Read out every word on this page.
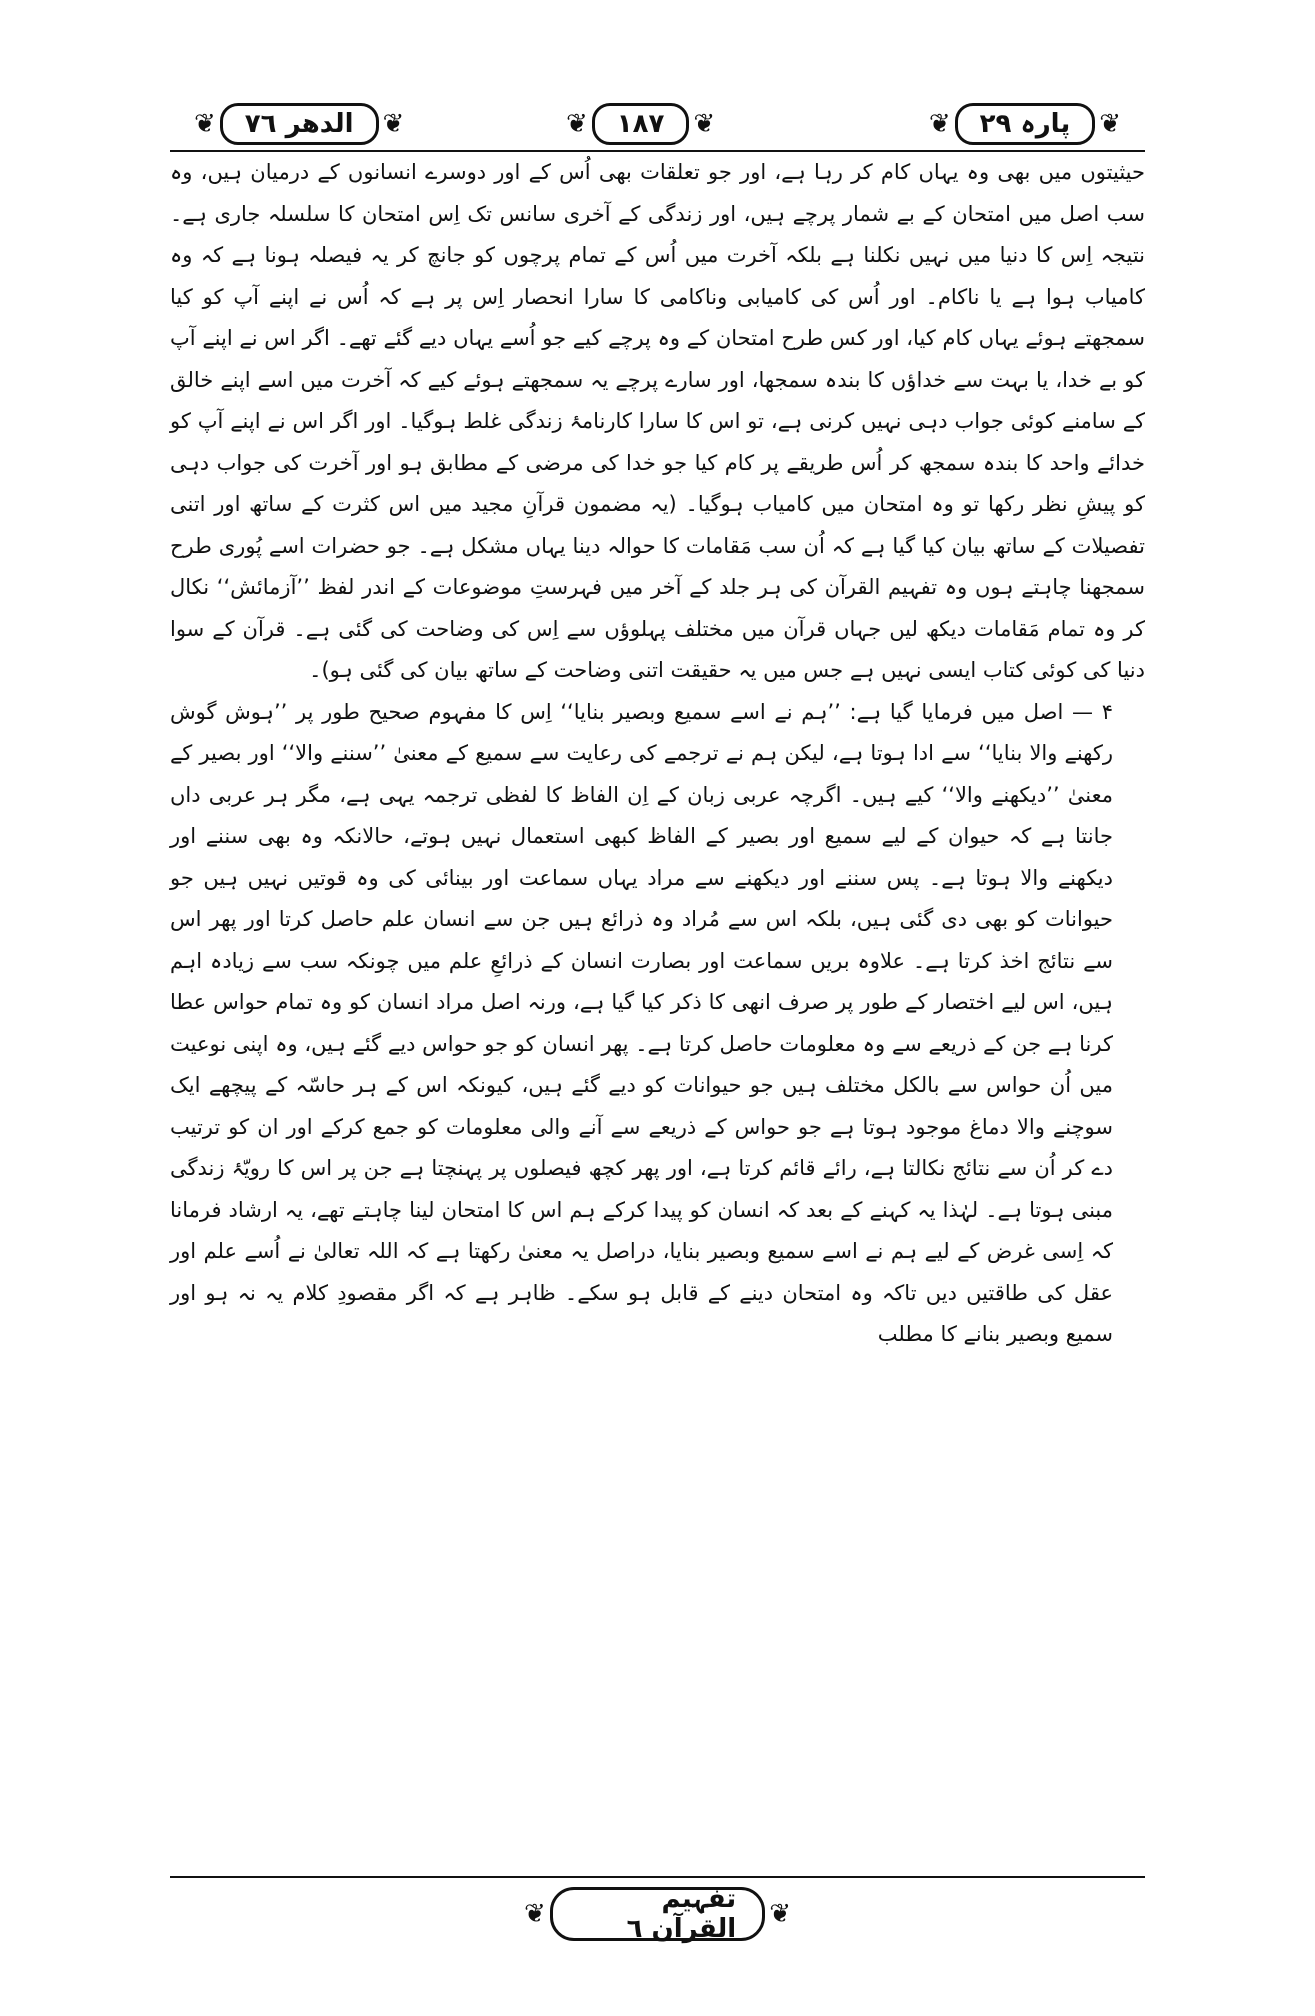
❦ پارہ ۲۹ ❦
❦ ۱۸۷ ❦
❦ الدھر ۷٦ ❦

حیثیتوں میں بھی وہ یہاں کام کر رہا ہے، اور جو تعلقات بھی اُس کے اور دوسرے انسانوں کے درمیان ہیں، وہ سب اصل میں امتحان کے بے شمار پرچے ہیں، اور زندگی کے آخری سانس تک اِس امتحان کا سلسلہ جاری ہے۔ نتیجہ اِس کا دنیا میں نہیں نکلنا ہے بلکہ آخرت میں اُس کے تمام پرچوں کو جانچ کر یہ فیصلہ ہونا ہے کہ وہ کامیاب ہوا ہے یا ناکام۔ اور اُس کی کامیابی وناکامی کا سارا انحصار اِس پر ہے کہ اُس نے اپنے آپ کو کیا سمجھتے ہوئے یہاں کام کیا، اور کس طرح امتحان کے وہ پرچے کیے جو اُسے یہاں دیے گئے تھے۔ اگر اس نے اپنے آپ کو بے خدا، یا بہت سے خداؤں کا بندہ سمجھا، اور سارے پرچے یہ سمجھتے ہوئے کیے کہ آخرت میں اسے اپنے خالق کے سامنے کوئی جواب دہی نہیں کرنی ہے، تو اس کا سارا کارنامۂ زندگی غلط ہوگیا۔ اور اگر اس نے اپنے آپ کو خدائے واحد کا بندہ سمجھ کر اُس طریقے پر کام کیا جو خدا کی مرضی کے مطابق ہو اور آخرت کی جواب دہی کو پیشِ نظر رکھا تو وہ امتحان میں کامیاب ہوگیا۔ (یہ مضمون قرآنِ مجید میں اس کثرت کے ساتھ اور اتنی تفصیلات کے ساتھ بیان کیا گیا ہے کہ اُن سب مَقامات کا حوالہ دینا یہاں مشکل ہے۔ جو حضرات اسے پُوری طرح سمجھنا چاہتے ہوں وہ تفہیم القرآن کی ہر جلد کے آخر میں فہرستِ موضوعات کے اندر لفظ ’’آزمائش‘‘ نکال کر وہ تمام مَقامات دیکھ لیں جہاں قرآن میں مختلف پہلوؤں سے اِس کی وضاحت کی گئی ہے۔ قرآن کے سوا دنیا کی کوئی کتاب ایسی نہیں ہے جس میں یہ حقیقت اتنی وضاحت کے ساتھ بیان کی گئی ہو)۔

۴ — اصل میں فرمایا گیا ہے: ’’ہم نے اسے سمیع وبصیر بنایا‘‘ اِس کا مفہوم صحیح طور پر ’’ہوش گوش رکھنے والا بنایا‘‘ سے ادا ہوتا ہے، لیکن ہم نے ترجمے کی رعایت سے سمیع کے معنیٰ ’’سننے والا‘‘ اور بصیر کے معنیٰ ’’دیکھنے والا‘‘ کیے ہیں۔ اگرچہ عربی زبان کے اِن الفاظ کا لفظی ترجمہ یہی ہے، مگر ہر عربی داں جانتا ہے کہ حیوان کے لیے سمیع اور بصیر کے الفاظ کبھی استعمال نہیں ہوتے، حالانکہ وہ بھی سننے اور دیکھنے والا ہوتا ہے۔ پس سننے اور دیکھنے سے مراد یہاں سماعت اور بینائی کی وہ قوتیں نہیں ہیں جو حیوانات کو بھی دی گئی ہیں، بلکہ اس سے مُراد وہ ذرائع ہیں جن سے انسان علم حاصل کرتا اور پھر اس سے نتائج اخذ کرتا ہے۔ علاوہ بریں سماعت اور بصارت انسان کے ذرائعِ علم میں چونکہ سب سے زیادہ اہم ہیں، اس لیے اختصار کے طور پر صرف انھی کا ذکر کیا گیا ہے، ورنہ اصل مراد انسان کو وہ تمام حواس عطا کرنا ہے جن کے ذریعے سے وہ معلومات حاصل کرتا ہے۔ پھر انسان کو جو حواس دیے گئے ہیں، وہ اپنی نوعیت میں اُن حواس سے بالکل مختلف ہیں جو حیوانات کو دیے گئے ہیں، کیونکہ اس کے ہر حاسّہ کے پیچھے ایک سوچنے والا دماغ موجود ہوتا ہے جو حواس کے ذریعے سے آنے والی معلومات کو جمع کرکے اور ان کو ترتیب دے کر اُن سے نتائج نکالتا ہے، رائے قائم کرتا ہے، اور پھر کچھ فیصلوں پر پہنچتا ہے جن پر اس کا رویّۂ زندگی مبنی ہوتا ہے۔ لہٰذا یہ کہنے کے بعد کہ انسان کو پیدا کرکے ہم اس کا امتحان لینا چاہتے تھے، یہ ارشاد فرمانا کہ اِسی غرض کے لیے ہم نے اسے سمیع وبصیر بنایا، دراصل یہ معنیٰ رکھتا ہے کہ اللہ تعالیٰ نے اُسے علم اور عقل کی طاقتیں دیں تاکہ وہ امتحان دینے کے قابل ہو سکے۔ ظاہر ہے کہ اگر مقصودِ کلام یہ نہ ہو اور سمیع وبصیر بنانے کا مطلب

❦	تفہیم القرآن ٦ ❦
